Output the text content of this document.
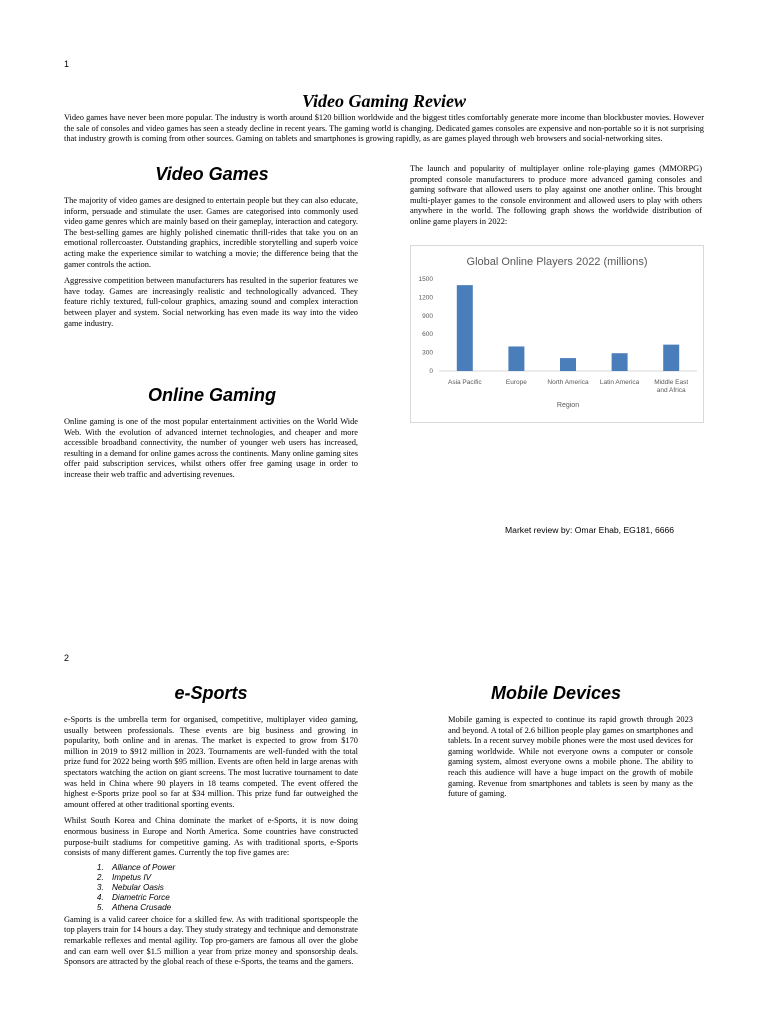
1
Video Gaming Review
Video games have never been more popular. The industry is worth around $120 billion worldwide and the biggest titles comfortably generate more income than blockbuster movies. However the sale of consoles and video games has seen a steady decline in recent years. The gaming world is changing. Dedicated games consoles are expensive and non-portable so it is not surprising that industry growth is coming from other sources. Gaming on tablets and smartphones is growing rapidly, as are games played through web browsers and social-networking sites.
Video Games

The majority of video games are designed to entertain people but they can also educate, inform, persuade and stimulate the user. Games are categorised into commonly used video game genres which are mainly based on their gameplay, interaction and category. The best-selling games are highly polished cinematic thrill-rides that take you on an emotional rollercoaster. Outstanding graphics, incredible storytelling and superb voice acting make the experience similar to watching a movie; the difference being that the gamer controls the action.

Aggressive competition between manufacturers has resulted in the superior features we have today. Games are increasingly realistic and technologically advanced. They feature richly textured, full-colour graphics, amazing sound and complex interaction between player and system. Social networking has even made its way into the video game industry.

Online Gaming
Online gaming is one of the most popular entertainment activities on the World Wide Web. With the evolution of advanced internet technologies, and cheaper and more accessible broadband connectivity, the number of younger web users has increased, resulting in a demand for online games across the continents. Many online gaming sites offer paid subscription services, whilst others offer free gaming usage in order to increase their web traffic and advertising revenues.
The launch and popularity of multiplayer online role-playing games (MMORPG) prompted console manufacturers to produce more advanced gaming consoles and gaming software that allowed users to play against one another online. This brought multi-player games to the console environment and allowed users to play with others anywhere in the world. The following graph shows the worldwide distribution of online game players in 2022:
Global Online Players 2022 (millions)
0
300
600
900
1200
1500
Asia Pacific	Europe	North America Latin America Middle East
and Africa
Region
Market review by: Omar Ehab, EG181, 6666
2
e-Sports

e-Sports is the umbrella term for organised, competitive, multiplayer video gaming, usually between professionals. These events are big business and growing in popularity, both online and in arenas. The market is expected to grow from $170 million in 2019 to $912 million in 2023. Tournaments are well-funded with the total prize fund for 2022 being worth $95 million. Events are often held in large arenas with spectators watching the action on giant screens. The most lucrative tournament to date was held in China where 90 players in 18 teams competed. The event offered the highest e-Sports prize pool so far at $34 million. This prize fund far outweighed the amount offered at other traditional sporting events.

Whilst South Korea and China dominate the market of e-Sports, it is now doing enormous business in Europe and North America. Some countries have constructed purpose-built stadiums for competitive gaming. As with traditional sports, e-Sports consists of many different games. Currently the top five games are:

1. Alliance of Power
2. Impetus IV
3. Nebular Oasis
4. Diametric Force
5. Athena Crusade

Gaming is a valid career choice for a skilled few. As with traditional sportspeople the top players train for 14 hours a day. They study strategy and technique and demonstrate remarkable reflexes and mental agility. Top pro-gamers are famous all over the globe and can earn well over $1.5 million a year from prize money and sponsorship deals. Sponsors are attracted by the global reach of these e-Sports, the teams and the gamers.

Mobile Devices
Mobile gaming is expected to continue its rapid growth through 2023 and beyond. A total of 2.6 billion people play games on smartphones and tablets. In a recent survey mobile phones were the most used devices for gaming worldwide. While not everyone owns a computer or console gaming system, almost everyone owns a mobile phone. The ability to reach this audience will have a huge impact on the growth of mobile gaming. Revenue from smartphones and tablets is seen by many as the future of gaming.
